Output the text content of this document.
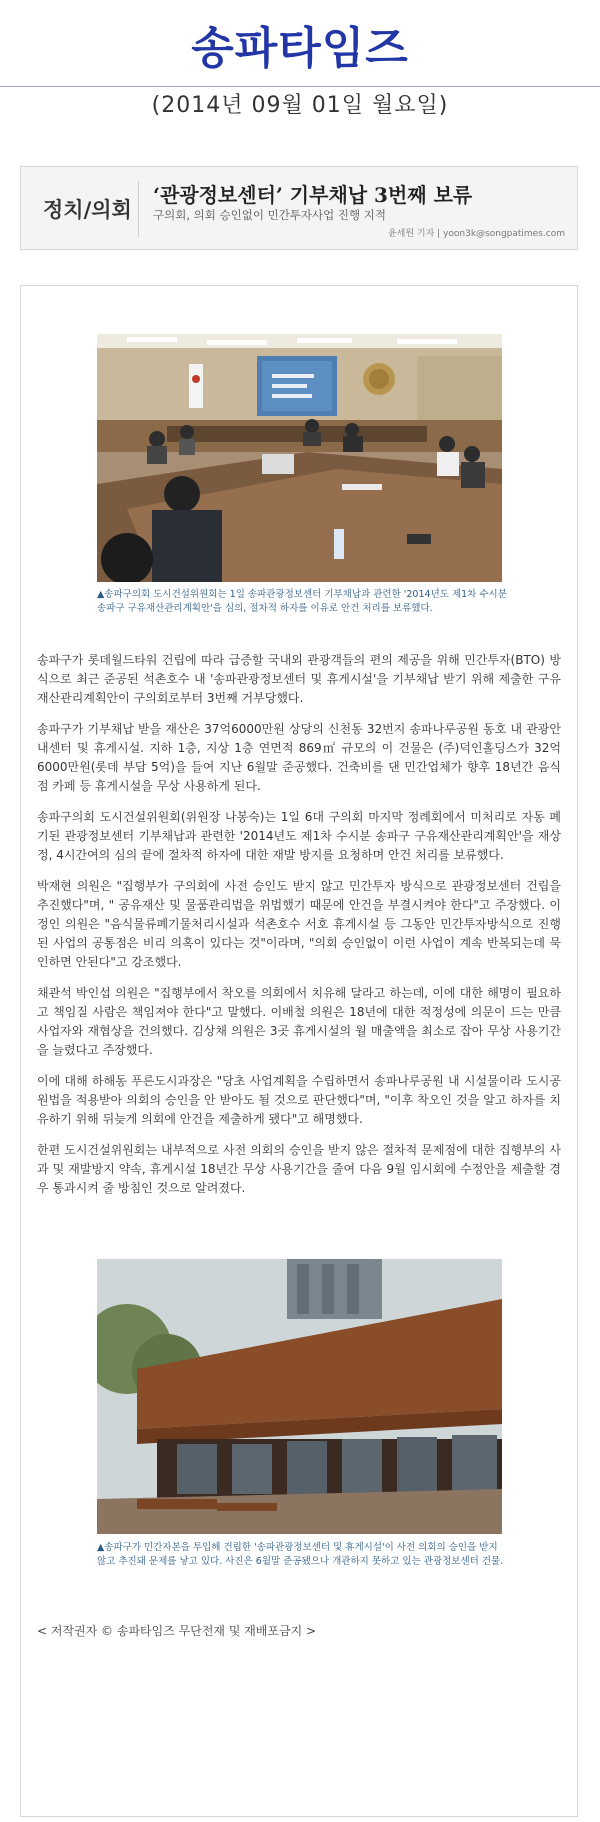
송파타임즈
(2014년 09월 01일 월요일)
정치/의회
‘관광정보센터’ 기부채납 3번째 보류
구의회, 의회 승인없이 민간투자사업 진행 지적
윤세원 기자 | yoon3k@songpatimes.com
▲송파구의회 도시건설위원회는 1일 송파관광정보센터 기부채납과 관련한 '2014년도 제1차 수시분 송파구 구유재산관리계획안'을 심의, 절차적 하자를 이유로 안건 처리를 보류했다.

송파구가 롯데월드타워 건립에 따라 급증할 국내외 관광객들의 편의 제공을 위해 민간투자(BTO) 방식으로 최근 준공된 석촌호수 내 '송파관광정보센터 및 휴게시설'을 기부채납 받기 위해 제출한 구유재산관리계획안이 구의회로부터 3번째 거부당했다.

송파구가 기부채납 받을 재산은 37억6000만원 상당의 신천동 32번지 송파나루공원 동호 내 관광안내센터 및 휴게시설. 지하 1층, 지상 1층 연면적 869㎡ 규모의 이 건물은 (주)덕인홀딩스가 32억6000만원(롯데 부담 5억)을 들여 지난 6월말 준공했다. 건축비를 댄 민간업체가 향후 18년간 음식점 카페 등 휴게시설을 무상 사용하게 된다.

송파구의회 도시건설위원회(위원장 나봉숙)는 1일 6대 구의회 마지막 정례회에서 미처리로 자동 폐기된 관광정보센터 기부채납과 관련한 '2014년도 제1차 수시분 송파구 구유재산관리계획안'을 재상정, 4시간여의 심의 끝에 절차적 하자에 대한 재발 방지를 요청하며 안건 처리를 보류했다.

박재현 의원은 "집행부가 구의회에 사전 승인도 받지 않고 민간투자 방식으로 관광정보센터 건립을 추진했다"며, " 공유재산 및 물품관리법을 위법했기 때문에 안건을 부결시켜야 한다"고 주장했다. 이정인 의원은 "음식물류폐기물처리시설과 석촌호수 서호 휴게시설 등 그동안 민간투자방식으로 진행된 사업의 공통점은 비리 의혹이 있다는 것"이라며, "의회 승인없이 이런 사업이 계속 반복되는데 묵인하면 안된다"고 강조했다.

채관석 박인섭 의원은 "집행부에서 착오를 의회에서 치유해 달라고 하는데, 이에 대한 해명이 필요하고 책임질 사람은 책임져야 한다"고 말했다. 이배철 의원은 18년에 대한 적정성에 의문이 드는 만큼 사업자와 재협상을 건의했다. 김상채 의원은 3곳 휴게시설의 월 매출액을 최소로 잡아 무상 사용기간을 늘렸다고 주장했다.

이에 대해 하해동 푸른도시과장은 "당초 사업계획을 수립하면서 송파나루공원 내 시설물이라 도시공원법을 적용받아 의회의 승인을 안 받아도 될 것으로 판단했다"며, "이후 착오인 것을 알고 하자를 치유하기 위해 뒤늦게 의회에 안건을 제출하게 됐다"고 해명했다.

한편 도시건설위원회는 내부적으로 사전 의회의 승인을 받지 않은 절차적 문제점에 대한 집행부의 사과 및 재발방지 약속, 휴게시설 18년간 무상 사용기간을 줄여 다음 9월 임시회에 수정안을 제출할 경우 통과시켜 줄 방침인 것으로 알려졌다.

▲송파구가 민간자본을 투입해 건립한 '송파관광정보센터 및 휴게시설'이 사전 의회의 승인을 받지 않고 추진돼 문제를 낳고 있다. 사진은 6월말 준공됐으나 개관하지 못하고 있는 관광정보센터 건물.
< 저작권자 © 송파타임즈 무단전재 및 재배포금지 >
